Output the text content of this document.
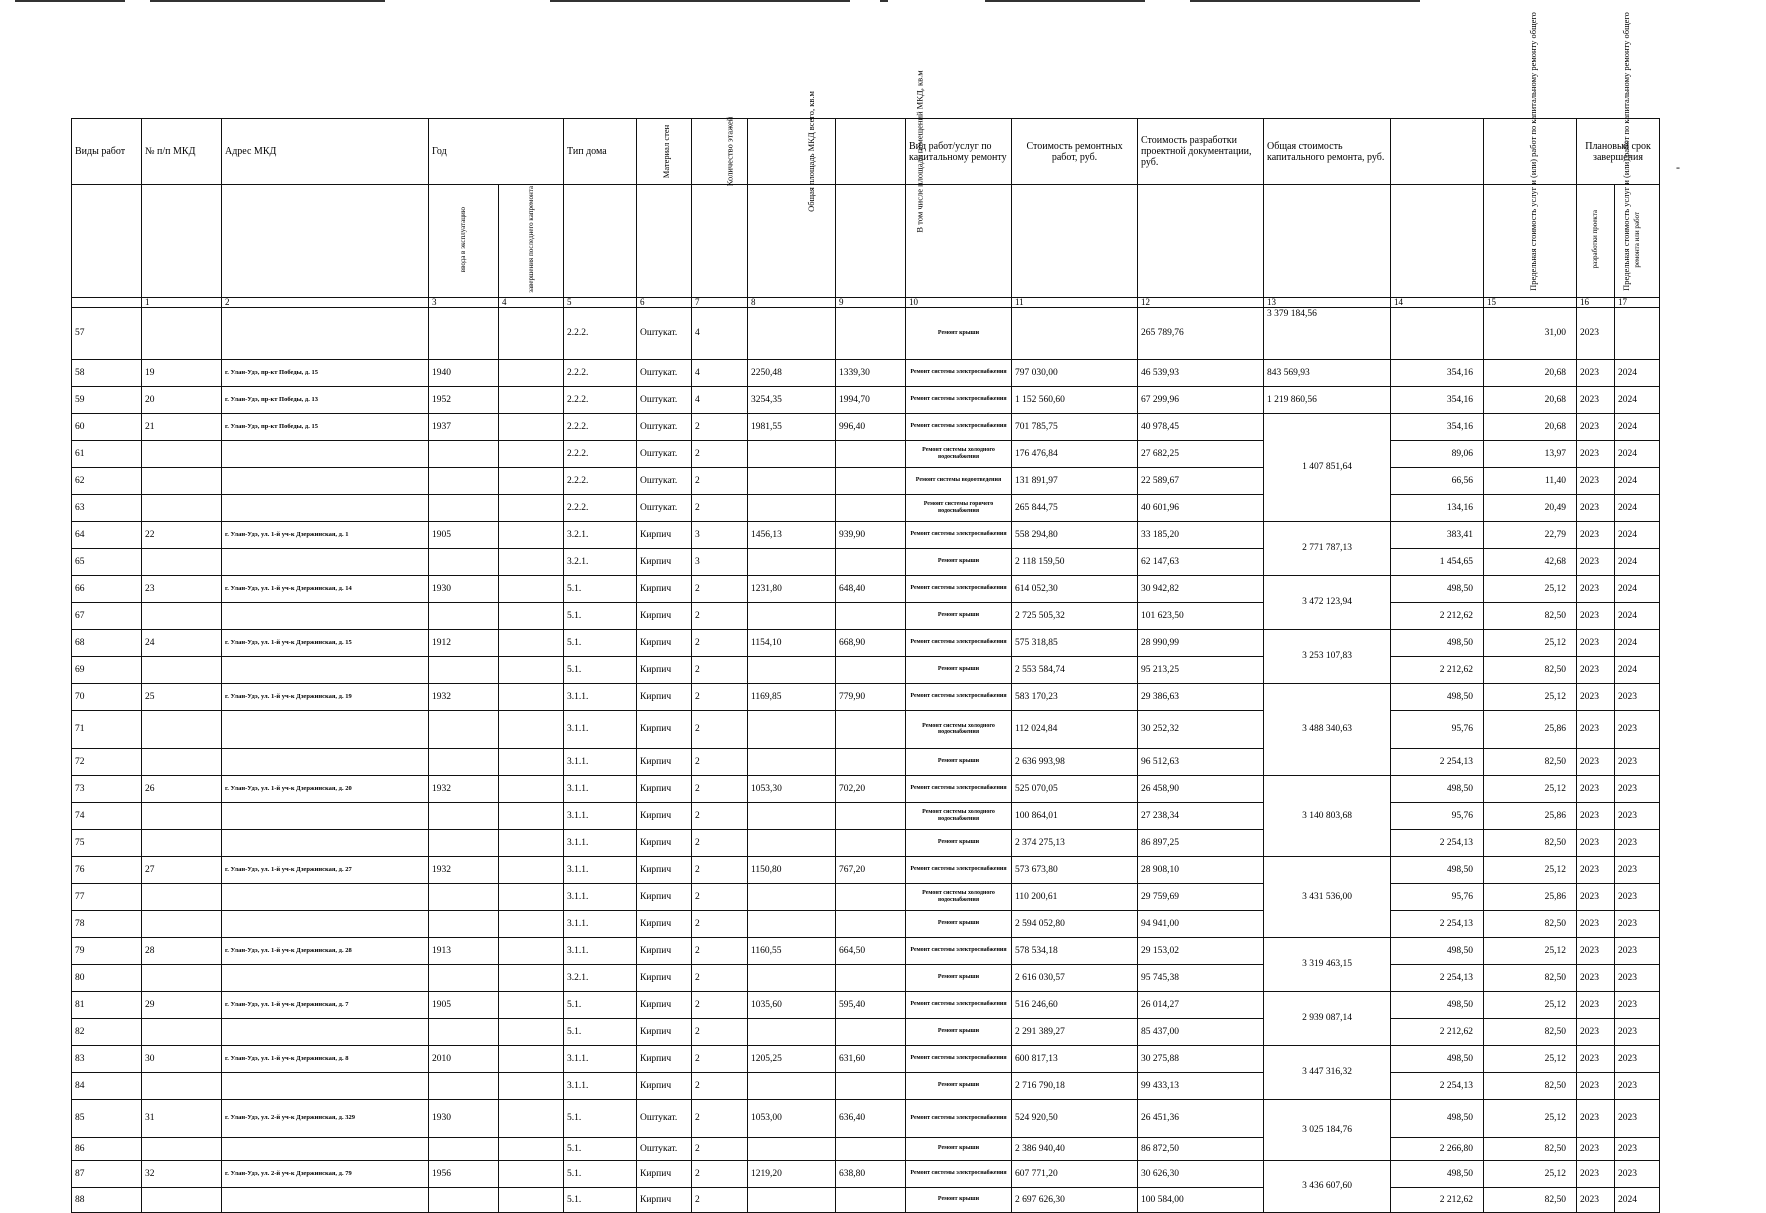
Виды работ	№ п/п МКД	Адрес МКД	Год		Тип дома	Материал стен	Количество этажей	Общая площадь МКД всего, кв.м	В том числе площадь помещений МКД, кв.м	Вид работ/услуг по капитальному ремонту	Стоимость ремонтных работ, руб.	Стоимость разработки проектной документации, руб.	Общая стоимость капитального ремонта, руб.	Предельная стоимость услуг и (или) работ по капитальному ремонту общего	Предельная стоимость услуг и (или) работ по капитальному ремонту общего	Плановый срок завершения	
			ввода в эксплуатацию	завершения последнего капремонта												разработки проекта	ремонта или работ
	1	2	3	4	5	6	7	8	9	10	11	12	13	14	15	16	17
57					2.2.2.	Оштукат.	4			Ремонт крыши		265 789,76	3 379 184,56		31,00	2023	
58	19	г. Улан-Удэ, пр-кт Победы, д. 15	1940		2.2.2.	Оштукат.	4	2250,48	1339,30	Ремонт системы электроснабжения	797 030,00	46 539,93	843 569,93	354,16	20,68	2023	2024
59	20	г. Улан-Удэ, пр-кт Победы, д. 13	1952		2.2.2.	Оштукат.	4	3254,35	1994,70	Ремонт системы электроснабжения	1 152 560,60	67 299,96	1 219 860,56	354,16	20,68	2023	2024
60	21	г. Улан-Удэ, пр-кт Победы, д. 15	1937		2.2.2.	Оштукат.	2	1981,55	996,40	Ремонт системы электроснабжения	701 785,75	40 978,45	1 407 851,64	354,16	20,68	2023	2024
61					2.2.2.	Оштукат.	2			Ремонт системы холодного водоснабжения	176 476,84	27 682,25		89,06	13,97	2023	2024
62					2.2.2.	Оштукат.	2			Ремонт системы водоотведения	131 891,97	22 589,67		66,56	11,40	2023	2024
63					2.2.2.	Оштукат.	2			Ремонт системы горячего водоснабжения	265 844,75	40 601,96		134,16	20,49	2023	2024
64	22	г. Улан-Удэ, ул. 1-й уч-к Дзержинская, д. 1	1905		3.2.1.	Кирпич	3	1456,13	939,90	Ремонт системы электроснабжения	558 294,80	33 185,20	2 771 787,13	383,41	22,79	2023	2024
65					3.2.1.	Кирпич	3			Ремонт крыши	2 118 159,50	62 147,63		1 454,65	42,68	2023	2024
66	23	г. Улан-Удэ, ул. 1-й уч-к Дзержинская, д. 14	1930		5.1.	Кирпич	2	1231,80	648,40	Ремонт системы электроснабжения	614 052,30	30 942,82	3 472 123,94	498,50	25,12	2023	2024
67					5.1.	Кирпич	2			Ремонт крыши	2 725 505,32	101 623,50		2 212,62	82,50	2023	2024
68	24	г. Улан-Удэ, ул. 1-й уч-к Дзержинская, д. 15	1912		5.1.	Кирпич	2	1154,10	668,90	Ремонт системы электроснабжения	575 318,85	28 990,99	3 253 107,83	498,50	25,12	2023	2024
69					5.1.	Кирпич	2			Ремонт крыши	2 553 584,74	95 213,25		2 212,62	82,50	2023	2024
70	25	г. Улан-Удэ, ул. 1-й уч-к Дзержинская, д. 19	1932		3.1.1.	Кирпич	2	1169,85	779,90	Ремонт системы электроснабжения	583 170,23	29 386,63	3 488 340,63	498,50	25,12	2023	2023
71					3.1.1.	Кирпич	2			Ремонт системы холодного водоснабжения	112 024,84	30 252,32		95,76	25,86	2023	2023
72					3.1.1.	Кирпич	2			Ремонт крыши	2 636 993,98	96 512,63		2 254,13	82,50	2023	2023
73	26	г. Улан-Удэ, ул. 1-й уч-к Дзержинская, д. 20	1932		3.1.1.	Кирпич	2	1053,30	702,20	Ремонт системы электроснабжения	525 070,05	26 458,90	3 140 803,68	498,50	25,12	2023	2023
74					3.1.1.	Кирпич	2			Ремонт системы холодного водоснабжения	100 864,01	27 238,34		95,76	25,86	2023	2023
75					3.1.1.	Кирпич	2			Ремонт крыши	2 374 275,13	86 897,25		2 254,13	82,50	2023	2023
76	27	г. Улан-Удэ, ул. 1-й уч-к Дзержинская, д. 27	1932		3.1.1.	Кирпич	2	1150,80	767,20	Ремонт системы электроснабжения	573 673,80	28 908,10	3 431 536,00	498,50	25,12	2023	2023
77					3.1.1.	Кирпич	2			Ремонт системы холодного водоснабжения	110 200,61	29 759,69		95,76	25,86	2023	2023
78					3.1.1.	Кирпич	2			Ремонт крыши	2 594 052,80	94 941,00		2 254,13	82,50	2023	2023
79	28	г. Улан-Удэ, ул. 1-й уч-к Дзержинская, д. 28	1913		3.1.1.	Кирпич	2	1160,55	664,50	Ремонт системы электроснабжения	578 534,18	29 153,02	3 319 463,15	498,50	25,12	2023	2023
80					3.2.1.	Кирпич	2			Ремонт крыши	2 616 030,57	95 745,38		2 254,13	82,50	2023	2023
81	29	г. Улан-Удэ, ул. 1-й уч-к Дзержинская, д. 7	1905		5.1.	Кирпич	2	1035,60	595,40	Ремонт системы электроснабжения	516 246,60	26 014,27	2 939 087,14	498,50	25,12	2023	2023
82					5.1.	Кирпич	2			Ремонт крыши	2 291 389,27	85 437,00		2 212,62	82,50	2023	2023
83	30	г. Улан-Удэ, ул. 1-й уч-к Дзержинская, д. 8	2010		3.1.1.	Кирпич	2	1205,25	631,60	Ремонт системы электроснабжения	600 817,13	30 275,88	3 447 316,32	498,50	25,12	2023	2023
84					3.1.1.	Кирпич	2			Ремонт крыши	2 716 790,18	99 433,13		2 254,13	82,50	2023	2023
85	31	г. Улан-Удэ, ул. 2-й уч-к Дзержинская, д. 329	1930		5.1.	Оштукат.	2	1053,00	636,40	Ремонт системы электроснабжения	524 920,50	26 451,36	3 025 184,76	498,50	25,12	2023	2023
86					5.1.	Оштукат.	2			Ремонт крыши	2 386 940,40	86 872,50		2 266,80	82,50	2023	2023
87	32	г. Улан-Удэ, ул. 2-й уч-к Дзержинская, д. 79	1956		5.1.	Кирпич	2	1219,20	638,80	Ремонт системы электроснабжения	607 771,20	30 626,30	3 436 607,60	498,50	25,12	2023	2023
88					5.1.	Кирпич	2			Ремонт крыши	2 697 626,30	100 584,00		2 212,62	82,50	2023	2024
-
